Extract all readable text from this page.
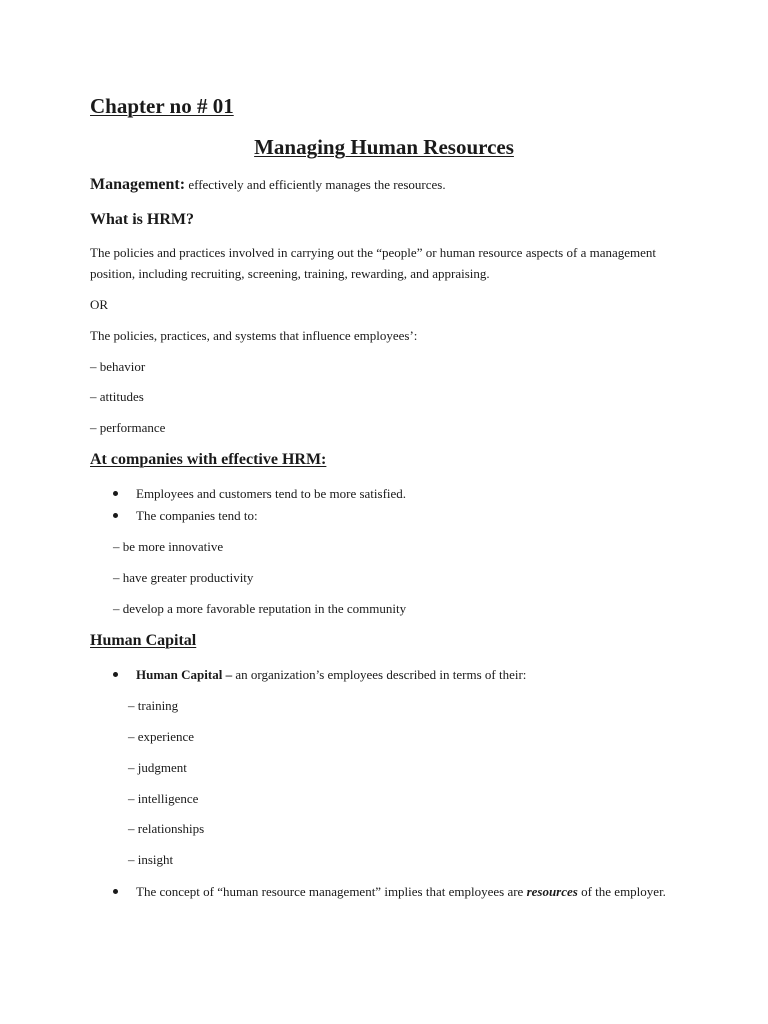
Chapter no # 01
Managing Human Resources

Management: effectively and efficiently manages the resources.

What is HRM?

The policies and practices involved in carrying out the “people” or human resource aspects of a management position, including recruiting, screening, training, rewarding, and appraising.

OR

The policies, practices, and systems that influence employees’:

– behavior

– attitudes

– performance

At companies with effective HRM:

Employees and customers tend to be more satisfied.

The companies tend to:

– be more innovative

– have greater productivity

– develop a more favorable reputation in the community

Human Capital

Human Capital – an organization’s employees described in terms of their:

– training

– experience

– judgment

– intelligence

– relationships

– insight

The concept of “human resource management” implies that employees are resources of the employer.
